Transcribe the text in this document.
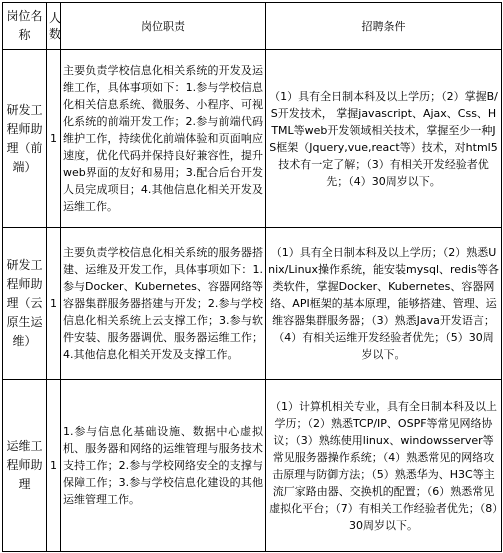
岗位名称	人数	岗位职责	招聘条件
研发工程师助理（前端）	1	主要负责学校信息化相关系统的开发及运维工作，具体事项如下：1.参与学校信息化相关信息系统、微服务、小程序、可视化系统的前端开发工作；2.参与前端代码维护工作，持续优化前端体验和页面响应速度，优化代码并保持良好兼容性，提升web界面的友好和易用；3.配合后台开发人员完成项目；4.其他信息化相关开发及运维工作。	（1）具有全日制本科及以上学历；（2）掌握B/S开发技术， 掌握javascript、Ajax、Css、HTML等web开发领域相关技术，掌握至少一种JS框架（Jquery,vue,react等）技术，对html5技术有一定了解；（3）有相关开发经验者优先；（4）30周岁以下。
研发工程师助理（云原生运维）	1	主要负责学校信息化相关系统的服务器搭建、运维及开发工作，具体事项如下：1.参与Docker、Kubernetes、容器网络等容器集群服务器搭建与开发；2.参与学校信息化相关系统上云支撑工作；3.参与软件安装、服务器调优、服务器运维工作；4.其他信息化相关开发及支撑工作。	（1）具有全日制本科及以上学历；（2）熟悉Unix/Linux操作系统，能安装mysql、redis等各类软件，掌握Docker、Kubernetes、容器网络、API框架的基本原理，能够搭建、管理、运维容器集群服务器；（3）熟悉Java开发语言；（4）有相关运维开发经验者优先；（5）30周岁以下。
运维工程师助理	1	1.参与信息化基础设施、数据中心虚拟机、服务器和网络的运维管理与服务技术支持工作；2.参与学校网络安全的支撑与保障工作；3.参与学校信息化建设的其他运维管理工作。	（1）计算机相关专业，具有全日制本科及以上学历；（2）熟悉TCP/IP、OSPF等常见网络协议；（3）熟练使用linux、windowsserver等常见服务器操作系统；（4）熟悉常见的网络攻击原理与防御方法；（5）熟悉华为、H3C等主流厂家路由器、交换机的配置；（6）熟悉常见虚拟化平台；（7）有相关工作经验者优先；（8）30周岁以下。
